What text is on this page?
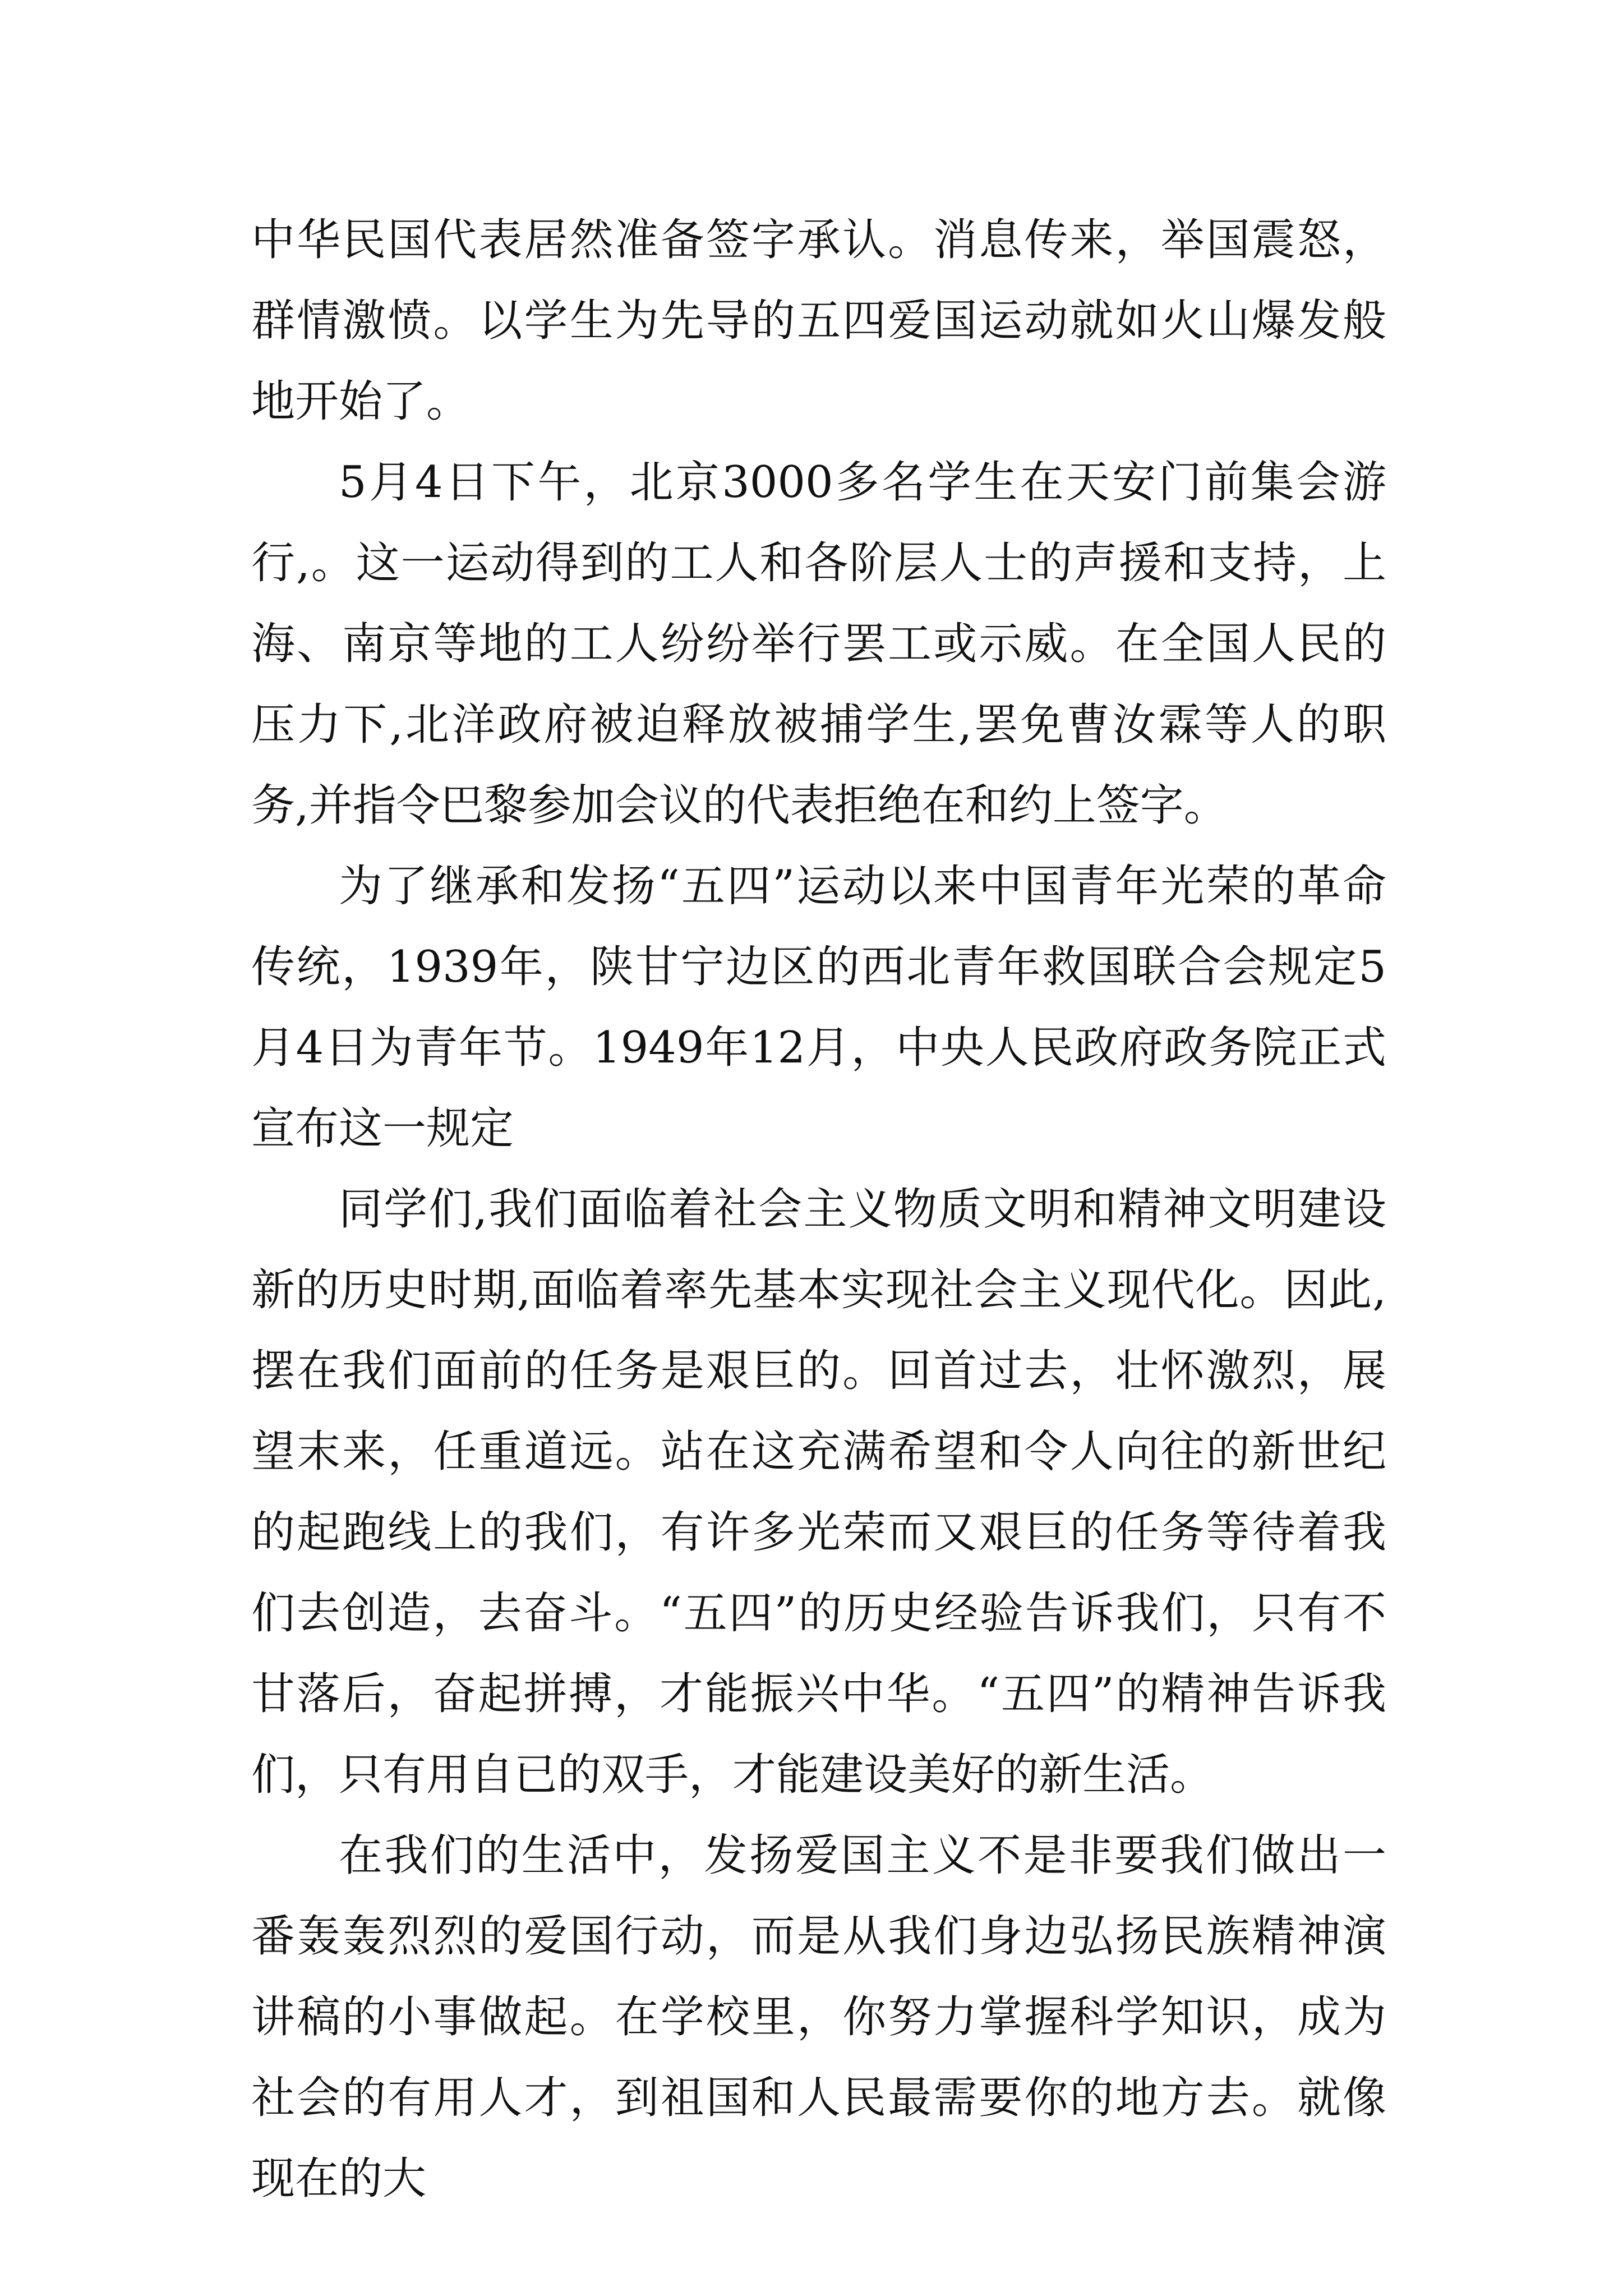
中华民国代表居然准备签字承认。消息传来，举国震怒，群情激愤。以学生为先导的五四爱国运动就如火山爆发般地开始了。

5月4日下午，北京3000多名学生在天安门前集会游行,。这一运动得到的工人和各阶层人士的声援和支持，上海、南京等地的工人纷纷举行罢工或示威。在全国人民的压力下,北洋政府被迫释放被捕学生,罢免曹汝霖等人的职务,并指令巴黎参加会议的代表拒绝在和约上签字。

为了继承和发扬“五四”运动以来中国青年光荣的革命传统，1939年，陕甘宁边区的西北青年救国联合会规定5月4日为青年节。1949年12月，中央人民政府政务院正式宣布这一规定

同学们,我们面临着社会主义物质文明和精神文明建设新的历史时期,面临着率先基本实现社会主义现代化。因此,摆在我们面前的任务是艰巨的。回首过去，壮怀激烈，展望末来，任重道远。站在这充满希望和令人向往的新世纪的起跑线上的我们，有许多光荣而又艰巨的任务等待着我们去创造，去奋斗。“五四”的历史经验告诉我们，只有不甘落后，奋起拼搏，才能振兴中华。“五四”的精神告诉我们，只有用自已的双手，才能建设美好的新生活。

在我们的生活中，发扬爱国主义不是非要我们做出一番轰轰烈烈的爱国行动，而是从我们身边弘扬民族精神演讲稿的小事做起。在学校里，你努力掌握科学知识，成为社会的有用人才，到祖国和人民最需要你的地方去。就像现在的大
